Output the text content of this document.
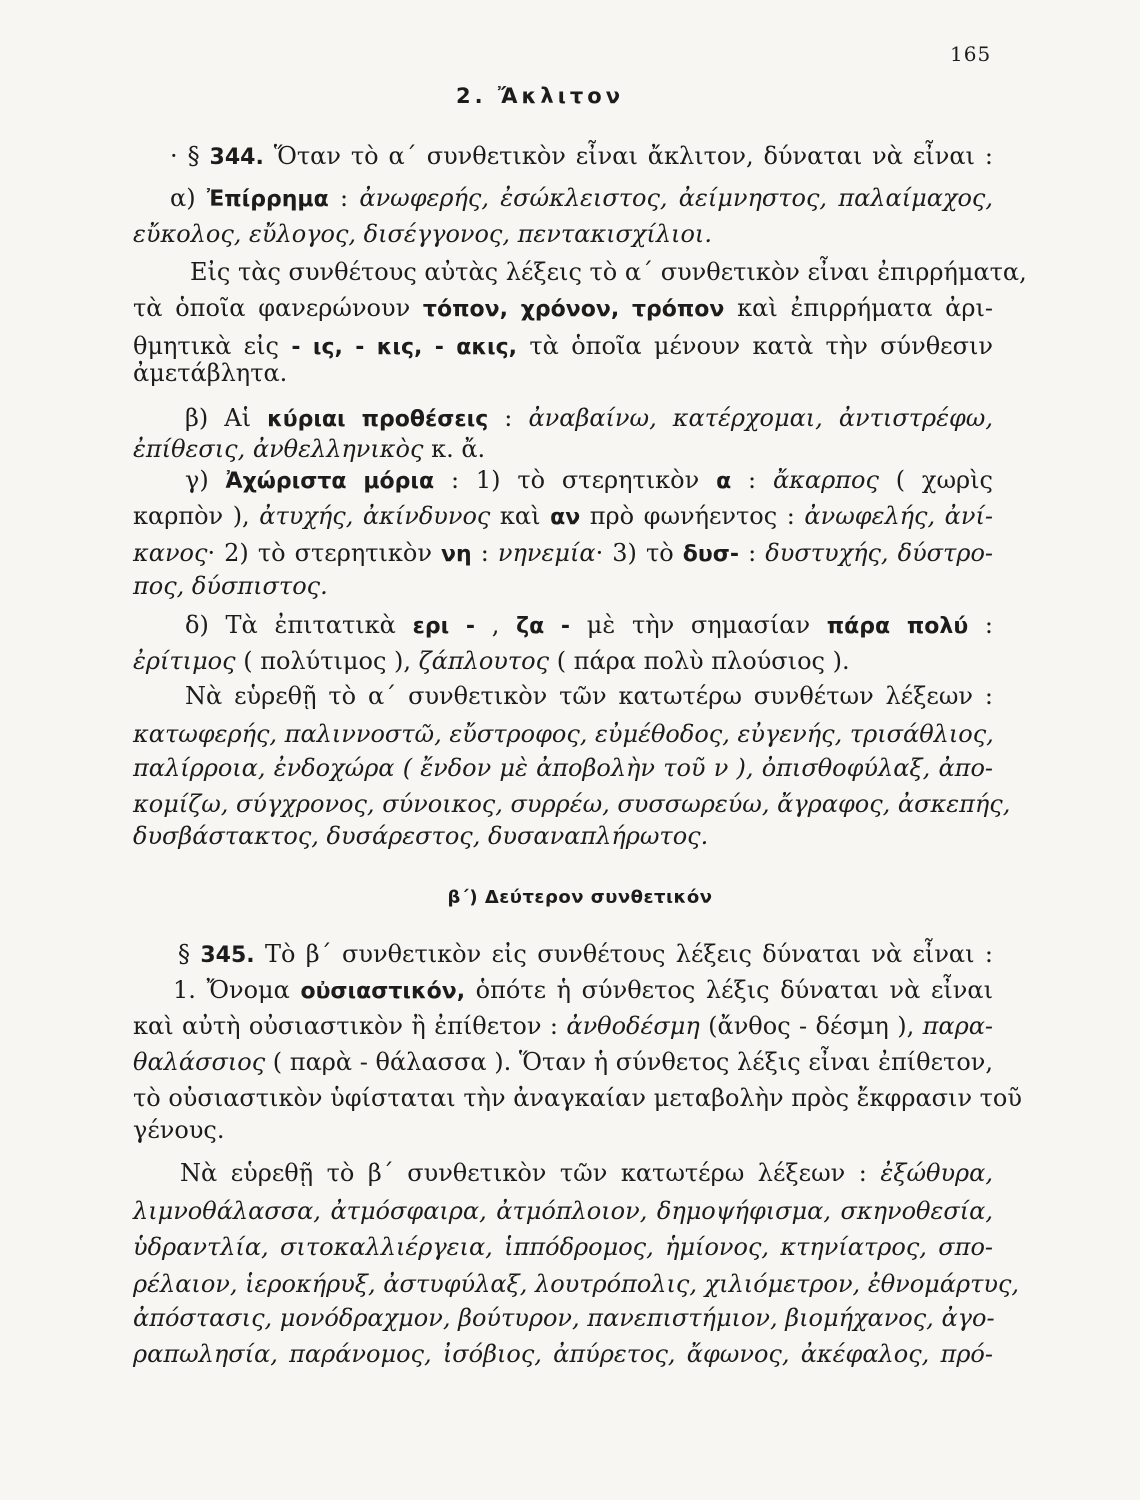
165
2. Ἄκλιτον
· § 344. Ὅταν τὸ α΄ συνθετικὸν εἶναι ἄκλιτον, δύναται νὰ εἶναι :
α) Ἐπίρρημα : ἀνωφερής, ἐσώκλειστος, ἀείμνηστος, παλαίμαχος,
εὔκολος, εὔλογος, δισέγγονος, πεντακισχίλιοι.
Εἰς τὰς συνθέτους αὐτὰς λέξεις τὸ α΄ συνθετικὸν εἶναι ἐπιρρήματα,
τὰ ὁποῖα φανερώνουν τόπον, χρόνον, τρόπον καὶ ἐπιρρήματα ἀρι-
θμητικὰ εἰς - ις, - κις, - ακις, τὰ ὁποῖα μένουν κατὰ τὴν σύνθεσιν
ἀμετάβλητα.
β) Αἱ κύριαι προθέσεις : ἀναβαίνω, κατέρχομαι, ἀντιστρέφω,
ἐπίθεσις, ἀνθελληνικὸς κ. ἄ.
γ) Ἀχώριστα μόρια : 1) τὸ στερητικὸν α : ἄκαρπος ( χωρὶς
καρπὸν ), ἀτυχής, ἀκίνδυνος καὶ αν πρὸ φωνήεντος : ἀνωφελής, ἀνί-
κανος· 2) τὸ στερητικὸν νη : νηνεμία· 3) τὸ δυσ- : δυστυχής, δύστρο-
πος, δύσπιστος.
δ) Τὰ ἐπιτατικὰ ερι - , ζα - μὲ τὴν σημασίαν πάρα πολύ :
ἐρίτιμος ( πολύτιμος ), ζάπλουτος ( πάρα πολὺ πλούσιος ).
Νὰ εὑρεθῇ τὸ α΄ συνθετικὸν τῶν κατωτέρω συνθέτων λέξεων :
κατωφερής, παλιννοστῶ, εὔστροφος, εὐμέθοδος, εὐγενής, τρισάθλιος,
παλίρροια, ἐνδοχώρα ( ἔνδον μὲ ἀποβολὴν τοῦ ν ), ὀπισθοφύλαξ, ἀπο-
κομίζω, σύγχρονος, σύνοικος, συρρέω, συσσωρεύω, ἄγραφος, ἀσκεπής,
δυσβάστακτος, δυσάρεστος, δυσαναπλήρωτος.
β΄) Δεύτερον συνθετικόν
§ 345. Τὸ β΄ συνθετικὸν εἰς συνθέτους λέξεις δύναται νὰ εἶναι :
1. Ὄνομα οὐσιαστικόν, ὁπότε ἡ σύνθετος λέξις δύναται νὰ εἶναι
καὶ αὐτὴ οὐσιαστικὸν ἢ ἐπίθετον : ἀνθοδέσμη (ἄνθος - δέσμη ), παρα-
θαλάσσιος ( παρὰ - θάλασσα ). Ὅταν ἡ σύνθετος λέξις εἶναι ἐπίθετον,
τὸ οὐσιαστικὸν ὑφίσταται τὴν ἀναγκαίαν μεταβολὴν πρὸς ἔκφρασιν τοῦ
γένους.
Νὰ εὑρεθῇ τὸ β΄ συνθετικὸν τῶν κατωτέρω λέξεων : ἐξώθυρα,
λιμνοθάλασσα, ἀτμόσφαιρα, ἀτμόπλοιον, δημοψήφισμα, σκηνοθεσία,
ὑδραντλία, σιτοκαλλιέργεια, ἱππόδρομος, ἡμίονος, κτηνίατρος, σπο-
ρέλαιον, ἱεροκήρυξ, ἀστυφύλαξ, λουτρόπολις, χιλιόμετρον, ἐθνομάρτυς,
ἀπόστασις, μονόδραχμον, βούτυρον, πανεπιστήμιον, βιομήχανος, ἀγο-
ραπωλησία, παράνομος, ἰσόβιος, ἀπύρετος, ἄφωνος, ἀκέφαλος, πρό-
